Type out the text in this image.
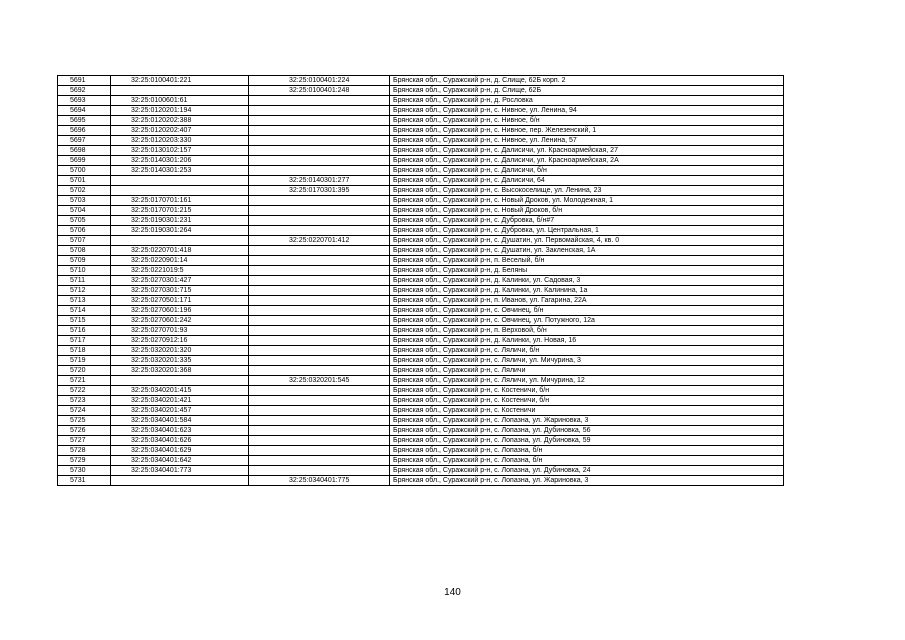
5691	32:25:0100401:221	32:25:0100401:224	Брянская обл., Суражский р-н, д. Слище, 62Б корп. 2
5692		32:25:0100401:248	Брянская обл., Суражский р-н, д. Слище, 62Б
5693	32:25:0100601:61		Брянская обл., Суражский р-н, д. Рословка
5694	32:25:0120201:194		Брянская обл., Суражский р-н, с. Нивное, ул. Ленина, 94
5695	32:25:0120202:388		Брянская обл., Суражский р-н, с. Нивное, б/н
5696	32:25:0120202:407		Брянская обл., Суражский р-н, с. Нивное, пер. Железенский, 1
5697	32:25:0120203:330		Брянская обл., Суражский р-н, с. Нивное, ул. Ленина, 57
5698	32:25:0130102:157		Брянская обл., Суражский р-н, с. Далисичи, ул. Красноармейская, 27
5699	32:25:0140301:206		Брянская обл., Суражский р-н, с. Далисичи, ул. Красноармейская, 2А
5700	32:25:0140301:253		Брянская обл., Суражский р-н, с. Далисичи, б/н
5701		32:25:0140301:277	Брянская обл., Суражский р-н, с. Далисичи, 64
5702		32:25:0170301:395	Брянская обл., Суражский р-н, с. Высокоселище, ул. Ленина, 23
5703	32:25:0170701:161		Брянская обл., Суражский р-н, с. Новый Дроков, ул. Молодежная, 1
5704	32:25:0170701:215		Брянская обл., Суражский р-н, с. Новый Дроков, б/н
5705	32:25:0190301:231		Брянская обл., Суражский р-н, с. Дубровка, б/н#7
5706	32:25:0190301:264		Брянская обл., Суражский р-н, с. Дубровка, ул. Центральная, 1
5707		32:25:0220701:412	Брянская обл., Суражский р-н, с. Душатин, ул. Первомайская, 4, кв. 0
5708	32:25:0220701:418		Брянская обл., Суражский р-н, с. Душатин, ул. Закленская, 1А
5709	32:25:0220901:14		Брянская обл., Суражский р-н, п. Веселый, б/н
5710	32:25:0221019:5		Брянская обл., Суражский р-н, д. Беляны
5711	32:25:0270301:427		Брянская обл., Суражский р-н, д. Калинки, ул. Садовая, 3
5712	32:25:0270301:715		Брянская обл., Суражский р-н, д. Калинки, ул. Калинина, 1а
5713	32:25:0270501:171		Брянская обл., Суражский р-н, п. Иванов, ул. Гагарина, 22А
5714	32:25:0270601:196		Брянская обл., Суражский р-н, с. Овчинец, б/н
5715	32:25:0270601:242		Брянская обл., Суражский р-н, с. Овчинец, ул. Потужного, 12а
5716	32:25:0270701:93		Брянская обл., Суражский р-н, п. Верховой, б/н
5717	32:25:0270912:16		Брянская обл., Суражский р-н, д. Калинки, ул. Новая, 16
5718	32:25:0320201:320		Брянская обл., Суражский р-н, с. Ляличи, б/н
5719	32:25:0320201:335		Брянская обл., Суражский р-н, с. Ляличи, ул. Мичурина, 3
5720	32:25:0320201:368		Брянская обл., Суражский р-н, с. Ляличи
5721		32:25:0320201:545	Брянская обл., Суражский р-н, с. Ляличи, ул. Мичурина, 12
5722	32:25:0340201:415		Брянская обл., Суражский р-н, с. Костеничи, б/н
5723	32:25:0340201:421		Брянская обл., Суражский р-н, с. Костеничи, б/н
5724	32:25:0340201:457		Брянская обл., Суражский р-н, с. Костеничи
5725	32:25:0340401:584		Брянская обл., Суражский р-н, с. Лопазна, ул. Жариновка, 3
5726	32:25:0340401:623		Брянская обл., Суражский р-н, с. Лопазна, ул. Дубиновка, 56
5727	32:25:0340401:626		Брянская обл., Суражский р-н, с. Лопазна, ул. Дубиновка, 59
5728	32:25:0340401:629		Брянская обл., Суражский р-н, с. Лопазна, б/н
5729	32:25:0340401:642		Брянская обл., Суражский р-н, с. Лопазна, б/н
5730	32:25:0340401:773		Брянская обл., Суражский р-н, с. Лопазна, ул. Дубиновка, 24
5731		32:25:0340401:775	Брянская обл., Суражский р-н, с. Лопазна, ул. Жариновка, 3
140
